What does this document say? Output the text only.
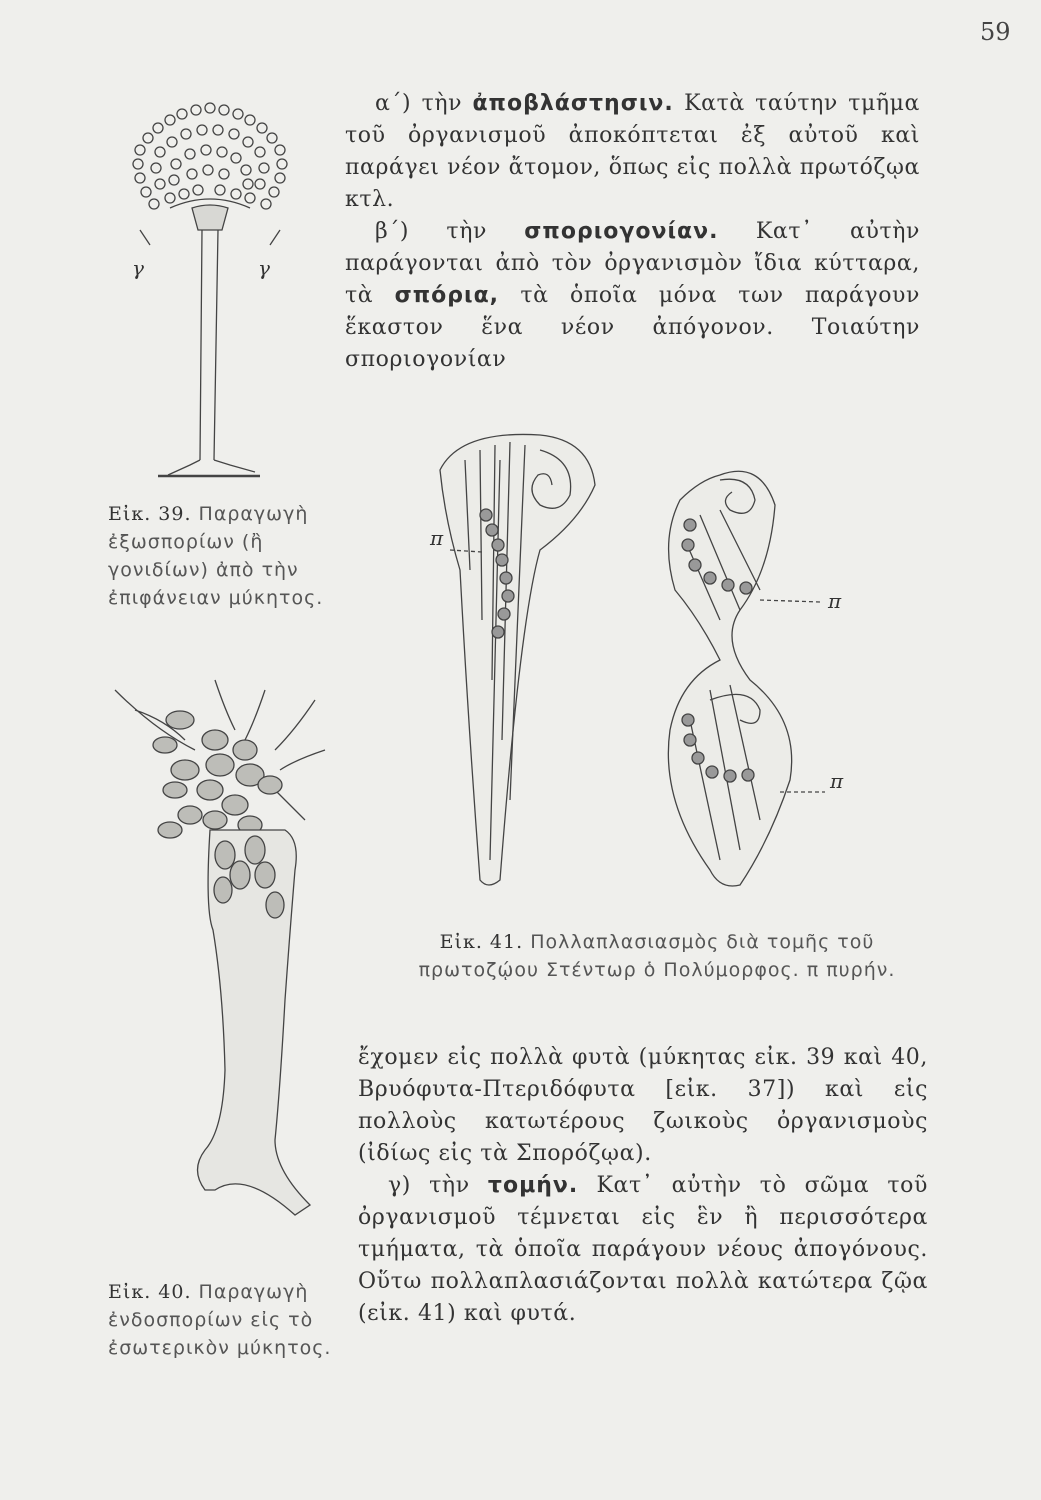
59

α΄) τὴν ἀποβλάστησιν. Κατὰ ταύτην τμῆμα τοῦ ὀργανισμοῦ ἀποκόπτεται ἐξ αὐτοῦ καὶ παράγει νέον ἄτομον, ὅπως εἰς πολλὰ πρωτόζῳα κτλ.

β΄) τὴν σποριογονίαν. Κατ᾽ αὐτὴν παράγονται ἀπὸ τὸν ὀργανισμὸν ἴδια κύτταρα, τὰ σπόρια, τὰ ὁποῖα μόνα των παράγουν ἕκαστον ἕνα νέον ἀπόγονον. Τοιαύτην σποριογονίαν

γ	γ
Εἰκ. 39. Παραγωγὴ ἐξωσπορίων (ἢ γονιδίων) ἀπὸ τὴν ἐπιφάνειαν μύκητος.
π
π
π
Εἰκ. 41. Πολλαπλασιασμὸς διὰ τομῆς τοῦ πρωτοζῴου Στέντωρ ὁ Πολύμορφος. π πυρήν.
Εἰκ. 40. Παραγωγὴ ἐνδοσπορίων εἰς τὸ ἐσωτερικὸν μύκητος.

ἔχομεν εἰς πολλὰ φυτὰ (μύκητας εἰκ. 39 καὶ 40, Βρυόφυτα-Πτεριδόφυτα [εἰκ. 37]) καὶ εἰς πολλοὺς κατωτέρους ζωικοὺς ὀργανισμοὺς (ἰδίως εἰς τὰ Σπορόζῳα).

γ) τὴν τομήν. Κατ᾽ αὐτὴν τὸ σῶμα τοῦ ὀργανισμοῦ τέμνεται εἰς ἓν ἢ περισσότερα τμήματα, τὰ ὁποῖα παράγουν νέους ἀπογόνους. Οὕτω πολλαπλασιάζονται πολλὰ κατώτερα ζῷα (εἰκ. 41) καὶ φυτά.
